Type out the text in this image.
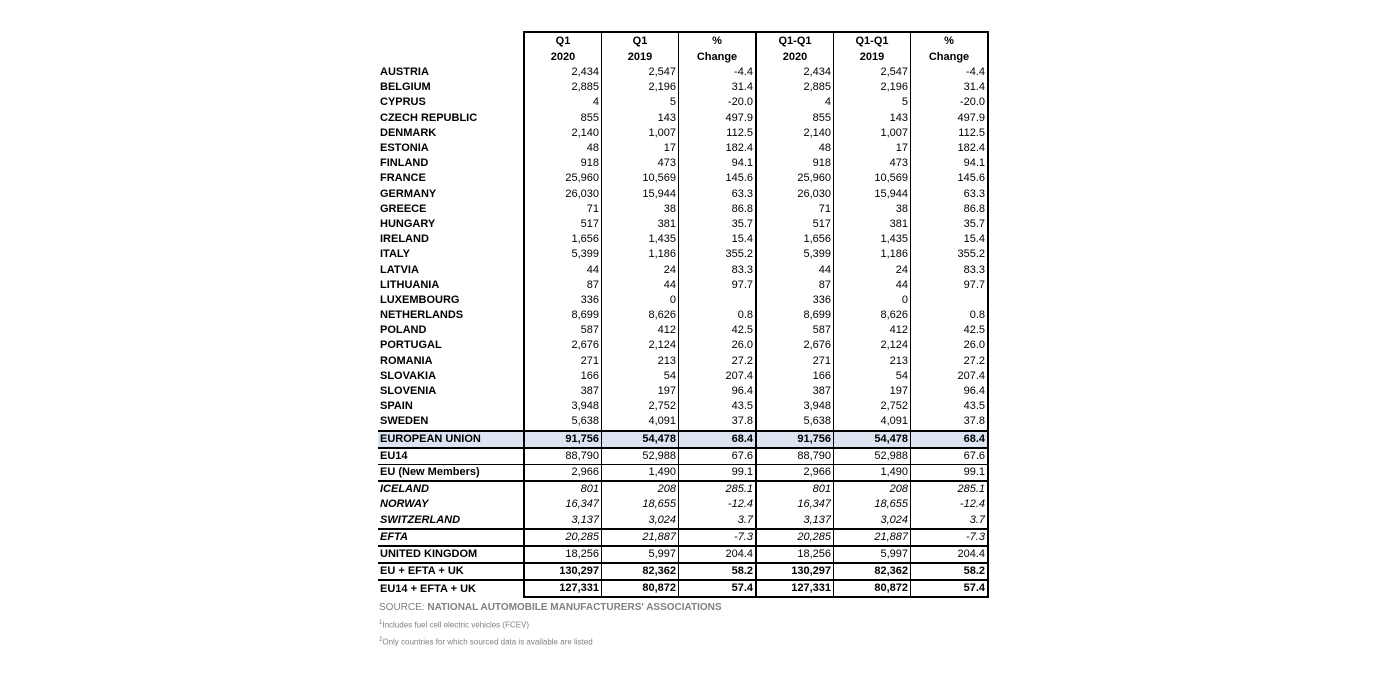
	Q1	Q1	%	Q1-Q1	Q1-Q1	%
	2020	2019	Change	2020	2019	Change
AUSTRIA	2,434	2,547	-4.4	2,434	2,547	-4.4
BELGIUM	2,885	2,196	31.4	2,885	2,196	31.4
CYPRUS	4	5	-20.0	4	5	-20.0
CZECH REPUBLIC	855	143	497.9	855	143	497.9
DENMARK	2,140	1,007	112.5	2,140	1,007	112.5
ESTONIA	48	17	182.4	48	17	182.4
FINLAND	918	473	94.1	918	473	94.1
FRANCE	25,960	10,569	145.6	25,960	10,569	145.6
GERMANY	26,030	15,944	63.3	26,030	15,944	63.3
GREECE	71	38	86.8	71	38	86.8
HUNGARY	517	381	35.7	517	381	35.7
IRELAND	1,656	1,435	15.4	1,656	1,435	15.4
ITALY	5,399	1,186	355.2	5,399	1,186	355.2
LATVIA	44	24	83.3	44	24	83.3
LITHUANIA	87	44	97.7	87	44	97.7
LUXEMBOURG	336	0		336	0	
NETHERLANDS	8,699	8,626	0.8	8,699	8,626	0.8
POLAND	587	412	42.5	587	412	42.5
PORTUGAL	2,676	2,124	26.0	2,676	2,124	26.0
ROMANIA	271	213	27.2	271	213	27.2
SLOVAKIA	166	54	207.4	166	54	207.4
SLOVENIA	387	197	96.4	387	197	96.4
SPAIN	3,948	2,752	43.5	3,948	2,752	43.5
SWEDEN	5,638	4,091	37.8	5,638	4,091	37.8
EUROPEAN UNION	91,756	54,478	68.4	91,756	54,478	68.4
EU14	88,790	52,988	67.6	88,790	52,988	67.6
EU (New Members)	2,966	1,490	99.1	2,966	1,490	99.1
ICELAND	801	208	285.1	801	208	285.1
NORWAY	16,347	18,655	-12.4	16,347	18,655	-12.4
SWITZERLAND	3,137	3,024	3.7	3,137	3,024	3.7
EFTA	20,285	21,887	-7.3	20,285	21,887	-7.3
UNITED KINGDOM	18,256	5,997	204.4	18,256	5,997	204.4
EU + EFTA + UK	130,297	82,362	58.2	130,297	82,362	58.2
EU14 + EFTA + UK	127,331	80,872	57.4	127,331	80,872	57.4
SOURCE: NATIONAL AUTOMOBILE MANUFACTURERS' ASSOCIATIONS
$^1$Includes fuel cell electric vehicles (FCEV)
$^2$Only countries for which sourced data is available are listed
